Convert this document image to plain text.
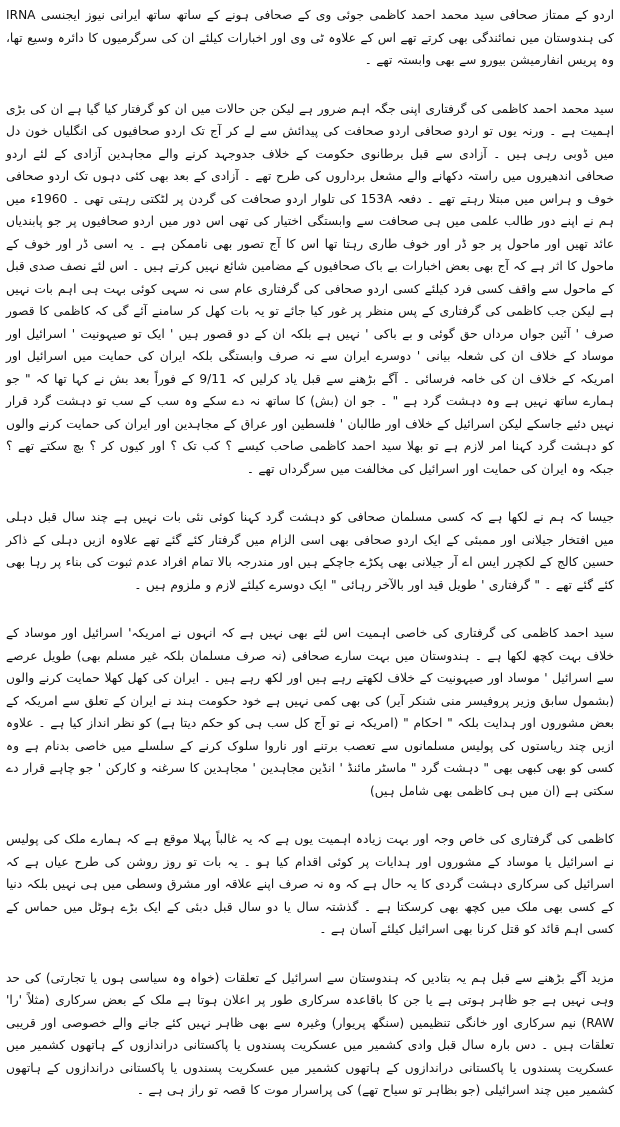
اردو کے ممتاز صحافی سید محمد احمد کاظمی جوئی وی کے صحافی ہونے کے ساتھ ساتھ ایرانی نیوز ایجنسی IRNA کی ہندوستان میں نمائندگی بھی کرتے تھے اس کے علاوہ ٹی وی اور اخبارات کیلئے ان کی سرگرمیوں کا دائرہ وسیع تھا، وہ پریس انفارمیشن بیورو سے بھی وابستہ تھے ۔

سید محمد احمد کاظمی کی گرفتاری اپنی جگہ اہم ضرور ہے لیکن جن حالات میں ان کو گرفتار کیا گیا ہے ان کی بڑی اہمیت ہے ۔ ورنہ یوں تو اردو صحافی اردو صحافت کی پیدائش سے لے کر آج تک اردو صحافیوں کی انگلیاں خون دل میں ڈوبی رہی ہیں ۔ آزادی سے قبل برطانوی حکومت کے خلاف جدوجہد کرنے والے مجاہدین آزادی کے لئے اردو صحافی اندھیروں میں راستہ دکھانے والے مشعل برداروں کی طرح تھے ۔ آزادی کے بعد بھی کئی دہوں تک اردو صحافی خوف و ہراس میں مبتلا رہتے تھے ۔ دفعہ 153A کی تلوار اردو صحافت کی گردن پر لٹکتی رہتی تھی ۔ 1960ء میں ہم نے اپنے دور طالب علمی میں ہی صحافت سے وابستگی اختیار کی تھی اس دور میں اردو صحافیوں پر جو پابندیاں عائد تھیں اور ماحول پر جو ڈر اور خوف طاری رہتا تھا اس کا آج تصور بھی ناممکن ہے ۔ یہ اسی ڈر اور خوف کے ماحول کا اثر ہے کہ آج بھی بعض اخبارات بے باک صحافیوں کے مضامین شائع نہیں کرتے ہیں ۔ اس لئے نصف صدی قبل کے ماحول سے واقف کسی فرد کیلئے کسی اردو صحافی کی گرفتاری عام سی نہ سہی کوئی بہت ہی اہم بات نہیں ہے لیکن جب کاظمی کی گرفتاری کے پس منظر پر غور کیا جائے تو یہ بات کھل کر سامنے آئے گی کہ کاظمی کا قصور صرف ' آئین جواں مرداں حق گوئی و بے باکی ' نہیں ہے بلکہ ان کے دو قصور ہیں ' ایک تو صیہونیت ' اسرائیل اور موساد کے خلاف ان کی شعلہ بیانی ' دوسرے ایران سے نہ صرف وابستگی بلکہ ایران کی حمایت میں اسرائیل اور امریکہ کے خلاف ان کی خامہ فرسائی ۔ آگے بڑھنے سے قبل یاد کرلیں کہ 9/11 کے فوراً بعد بش نے کہا تھا کہ " جو ہمارے ساتھ نہیں ہے وہ دہشت گرد ہے " ۔ جو ان (بش) کا ساتھ نہ دے سکے وہ سب کے سب تو دہشت گرد قرار نہیں دئیے جاسکے لیکن اسرائیل کے خلاف اور طالبان ' فلسطین اور عراق کے مجاہدین اور ایران کی حمایت کرنے والوں کو دہشت گرد کہنا امر لازم ہے تو بھلا سید احمد کاظمی صاحب کیسے ؟ کب تک ؟ اور کیوں کر ؟ بچ سکتے تھے ؟ جبکہ وہ ایران کی حمایت اور اسرائیل کی مخالفت میں سرگرداں تھے ۔

جیسا کہ ہم نے لکھا ہے کہ کسی مسلمان صحافی کو دہشت گرد کہنا کوئی نئی بات نہیں ہے چند سال قبل دہلی میں افتخار جیلانی اور ممبئی کے ایک اردو صحافی بھی اسی الزام میں گرفتار کئے گئے تھے علاوہ ازیں دہلی کے ذاکر حسین کالج کے لکچرر ایس اے آر جیلانی بھی پکڑے جاچکے ہیں اور مندرجہ بالا تمام افراد عدم ثبوت کی بناء پر رہا بھی کئے گئے تھے ۔ " گرفتاری ' طویل قید اور بالآخر رہائی " ایک دوسرے کیلئے لازم و ملزوم ہیں ۔

سید احمد کاظمی کی گرفتاری کی خاصی اہمیت اس لئے بھی نہیں ہے کہ انہوں نے امریکہ' اسرائیل اور موساد کے خلاف بہت کچھ لکھا ہے ۔ ہندوستان میں بہت سارے صحافی (نہ صرف مسلمان بلکہ غیر مسلم بھی) طویل عرصے سے اسرائیل ' موساد اور صیہونیت کے خلاف لکھتے رہے ہیں اور لکھ رہے ہیں ۔ ایران کی کھل کھلا حمایت کرنے والوں (بشمول سابق وزیر پروفیسر منی شنکر آیر) کی بھی کمی نہیں ہے خود حکومت ہند نے ایران کے تعلق سے امریکہ کے بعض مشوروں اور ہدایت بلکہ " احکام " (امریکہ نے تو آج کل سب ہی کو حکم دیتا ہے) کو نظر انداز کیا ہے ۔ علاوہ ازیں چند ریاستوں کی پولیس مسلمانوں سے تعصب برتنے اور ناروا سلوک کرنے کے سلسلے میں خاصی بدنام ہے وہ کسی کو بھی کبھی بھی " دہشت گرد " ماسٹر مائنڈ ' انڈین مجاہدین ' مجاہدین کا سرغنہ و کارکن ' جو چاہے قرار دے سکتی ہے (ان میں ہی کاظمی بھی شامل ہیں)

کاظمی کی گرفتاری کی خاص وجہ اور بہت زیادہ اہمیت یوں ہے کہ یہ غالباً پہلا موقع ہے کہ ہمارے ملک کی پولیس نے اسرائیل یا موساد کے مشوروں اور ہدایات پر کوئی اقدام کیا ہو ۔ یہ بات تو روز روشن کی طرح عیاں ہے کہ اسرائیل کی سرکاری دہشت گردی کا یہ حال ہے کہ وہ نہ صرف اپنے علاقہ اور مشرق وسطی میں ہی نہیں بلکہ دنیا کے کسی بھی ملک میں کچھ بھی کرسکتا ہے ۔ گذشتہ سال یا دو سال قبل دبئی کے ایک بڑے ہوٹل میں حماس کے کسی اہم قائد کو قتل کرنا بھی اسرائیل کیلئے آسان ہے ۔

مزید آگے بڑھنے سے قبل ہم یہ بتادیں کہ ہندوستان سے اسرائیل کے تعلقات (خواہ وہ سیاسی ہوں یا تجارتی) کی حد وہی نہیں ہے جو ظاہر ہوتی ہے یا جن کا باقاعدہ سرکاری طور پر اعلان ہوتا ہے ملک کے بعض سرکاری (مثلاً 'را' RAW) نیم سرکاری اور خانگی تنظیمیں (سنگھ پریوار) وغیرہ سے بھی ظاہر نہیں کئے جانے والے خصوصی اور قریبی تعلقات ہیں ۔ دس بارہ سال قبل وادی کشمیر میں عسکریت پسندوں یا پاکستانی دراندازوں کے ہاتھوں کشمیر میں عسکریت پسندوں یا پاکستانی دراندازوں کے ہاتھوں کشمیر میں عسکریت پسندوں یا پاکستانی دراندازوں کے ہاتھوں کشمیر میں چند اسرائیلی (جو بظاہر تو سیاح تھے) کی پراسرار موت کا قصہ تو راز ہی ہے ۔
